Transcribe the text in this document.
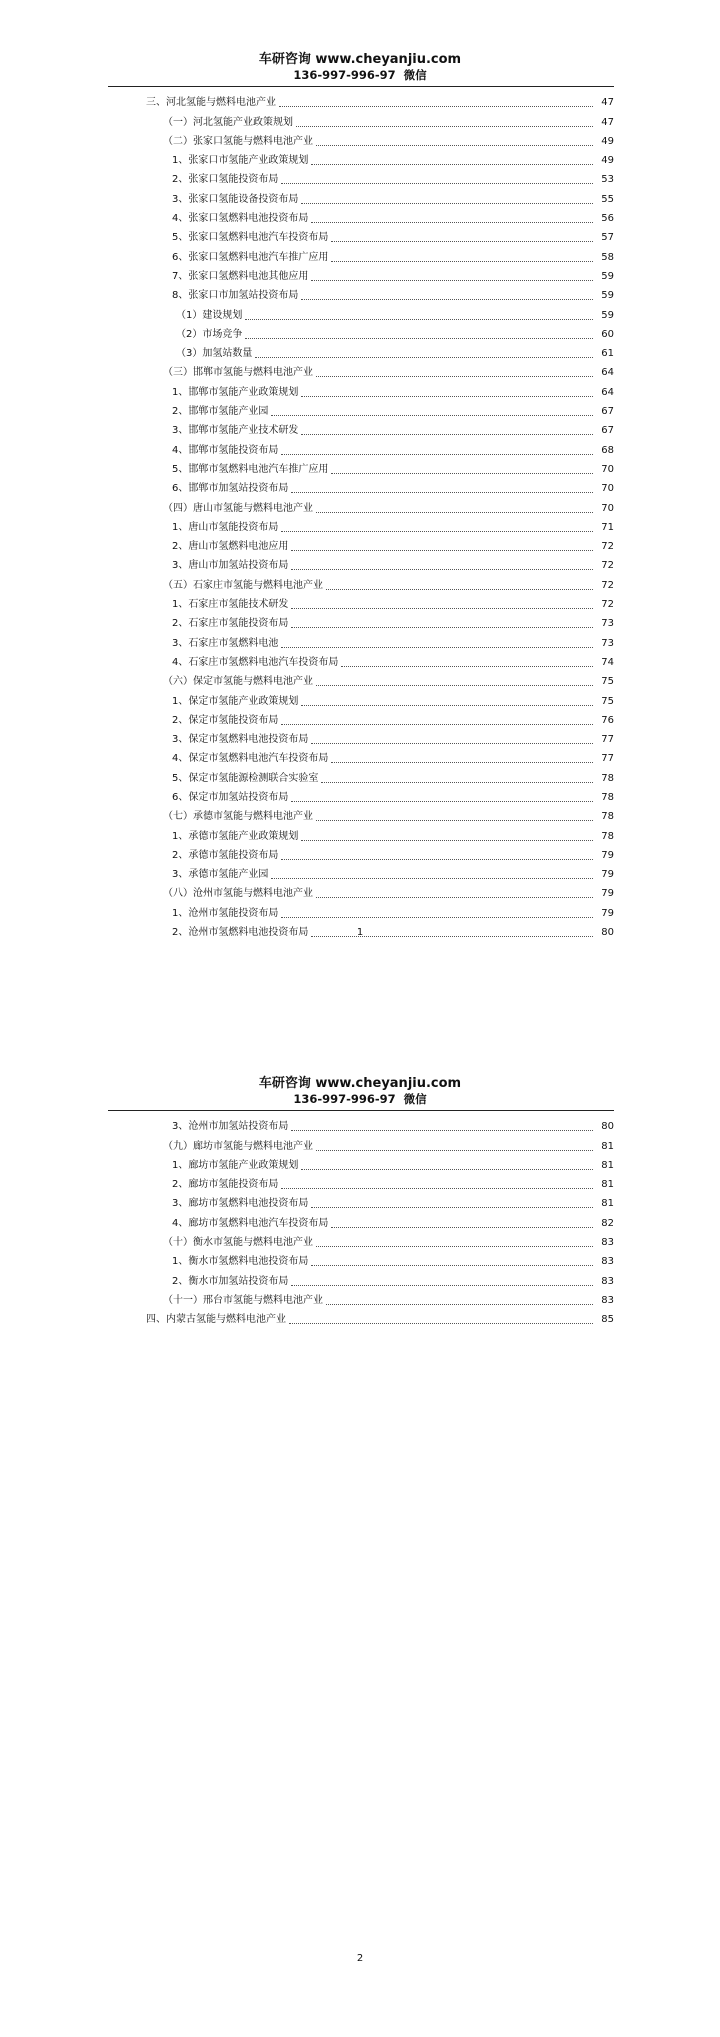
车研咨询 www.cheyanjiu.com
136-997-996-97 微信
三、河北氢能与燃料电池产业	47
（一）河北氢能产业政策规划	47
（二）张家口氢能与燃料电池产业	49
1、张家口市氢能产业政策规划	49
2、张家口氢能投资布局	53
3、张家口氢能设备投资布局	55
4、张家口氢燃料电池投资布局	56
5、张家口氢燃料电池汽车投资布局	57
6、张家口氢燃料电池汽车推广应用	58
7、张家口氢燃料电池其他应用	59
8、张家口市加氢站投资布局	59
（1）建设规划	59
（2）市场竞争	60
（3）加氢站数量	61
（三）邯郸市氢能与燃料电池产业	64
1、邯郸市氢能产业政策规划	64
2、邯郸市氢能产业园	67
3、邯郸市氢能产业技术研发	67
4、邯郸市氢能投资布局	68
5、邯郸市氢燃料电池汽车推广应用	70
6、邯郸市加氢站投资布局	70
（四）唐山市氢能与燃料电池产业	70
1、唐山市氢能投资布局	71
2、唐山市氢燃料电池应用	72
3、唐山市加氢站投资布局	72
（五）石家庄市氢能与燃料电池产业	72
1、石家庄市氢能技术研发	72
2、石家庄市氢能投资布局	73
3、石家庄市氢燃料电池	73
4、石家庄市氢燃料电池汽车投资布局	74
（六）保定市氢能与燃料电池产业	75
1、保定市氢能产业政策规划	75
2、保定市氢能投资布局	76
3、保定市氢燃料电池投资布局	77
4、保定市氢燃料电池汽车投资布局	77
5、保定市氢能源检测联合实验室	78
6、保定市加氢站投资布局	78
（七）承德市氢能与燃料电池产业	78
1、承德市氢能产业政策规划	78
2、承德市氢能投资布局	79
3、承德市氢能产业园	79
（八）沧州市氢能与燃料电池产业	79
1、沧州市氢能投资布局	79
2、沧州市氢燃料电池投资布局	80
1
车研咨询 www.cheyanjiu.com
136-997-996-97 微信
3、沧州市加氢站投资布局	80
（九）廊坊市氢能与燃料电池产业	81
1、廊坊市氢能产业政策规划	81
2、廊坊市氢能投资布局	81
3、廊坊市氢燃料电池投资布局	81
4、廊坊市氢燃料电池汽车投资布局	82
（十）衡水市氢能与燃料电池产业	83
1、衡水市氢燃料电池投资布局	83
2、衡水市加氢站投资布局	83
（十一）邢台市氢能与燃料电池产业	83
四、内蒙古氢能与燃料电池产业	85
2
